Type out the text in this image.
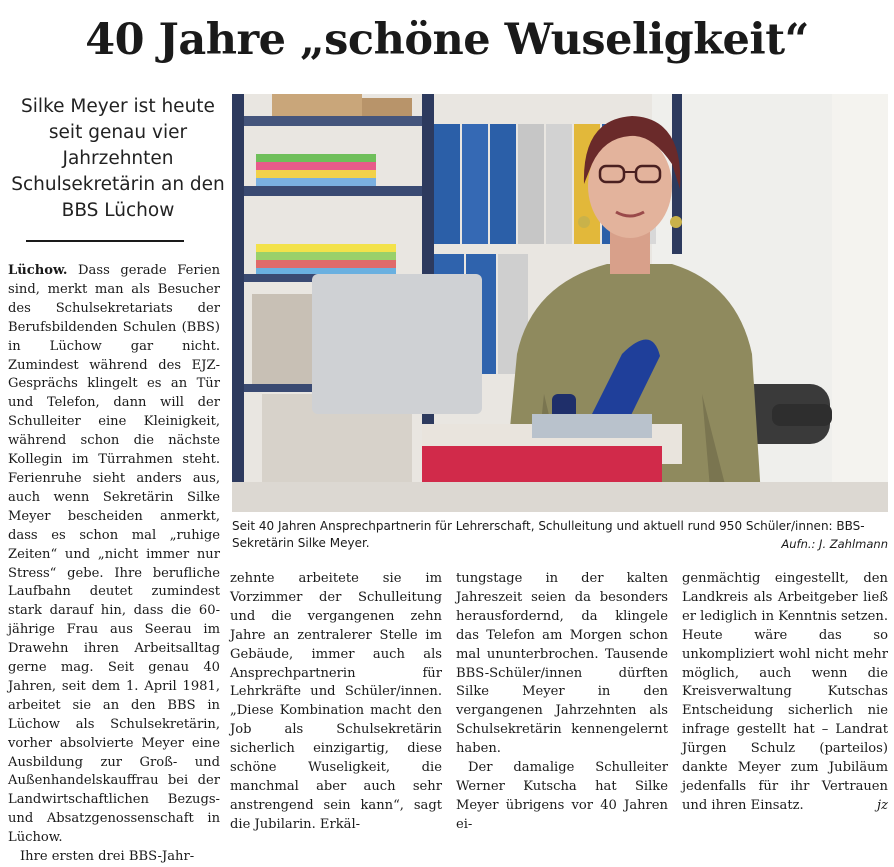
40 Jahre „schöne Wuseligkeit“
Silke Meyer ist heute seit genau vier Jahrzehnten Schulsekretärin an den BBS Lüchow

Lüchow. Dass gerade Ferien sind, merkt man als Besucher des Schulsekretariats der Berufsbildenden Schulen (BBS) in Lüchow gar nicht. Zumindest während des EJZ-Gesprächs klingelt es an Tür und Telefon, dann will der Schulleiter eine Kleinigkeit, während schon die nächste Kollegin im Türrahmen steht. Ferienruhe sieht anders aus, auch wenn Sekretärin Silke Meyer bescheiden anmerkt, dass es schon mal „ruhige Zeiten“ und „nicht immer nur Stress“ gebe. Ihre berufliche Laufbahn deutet zumindest stark darauf hin, dass die 60-jährige Frau aus Seerau im Drawehn ihren Arbeitsalltag gerne mag. Seit genau 40 Jahren, seit dem 1. April 1981, arbeitet sie an den BBS in Lüchow als Schulsekretärin, vorher absolvierte Meyer eine Ausbildung zur Groß- und Außenhandelskauffrau bei der Landwirtschaftlichen Bezugs- und Absatzgenossenschaft in Lüchow.

Ihre ersten drei BBS-Jahr-

Seit 40 Jahren Ansprechpartnerin für Lehrerschaft, Schulleitung und aktuell rund 950 Schüler/innen: BBS-Sekretärin Silke Meyer.	Aufn.: J. Zahlmann

zehnte arbeitete sie im Vorzimmer der Schulleitung und die vergangenen zehn Jahre an zentralerer Stelle im Gebäude, immer auch als Ansprechpartnerin für Lehrkräfte und Schüler/innen. „Diese Kombination macht den Job als Schulsekretärin sicherlich einzigartig, diese schöne Wuseligkeit, die manchmal aber auch sehr anstrengend sein kann“, sagt die Jubilarin. Erkäl-

tungstage in der kalten Jahreszeit seien da besonders herausfordernd, da klingele das Telefon am Morgen schon mal ununterbrochen. Tausende BBS-Schüler/innen dürften Silke Meyer in den vergangenen Jahrzehnten als Schulsekretärin kennengelernt haben.

Der damalige Schulleiter Werner Kutscha hat Silke Meyer übrigens vor 40 Jahren ei-

genmächtig eingestellt, den Landkreis als Arbeitgeber ließ er lediglich in Kenntnis setzen. Heute wäre das so unkompliziert wohl nicht mehr möglich, auch wenn die Kreisverwaltung Kutschas Entscheidung sicherlich nie infrage gestellt hat – Landrat Jürgen Schulz (parteilos) dankte Meyer zum Jubiläum jedenfalls für ihr Vertrauen und ihren Einsatz.	jz
